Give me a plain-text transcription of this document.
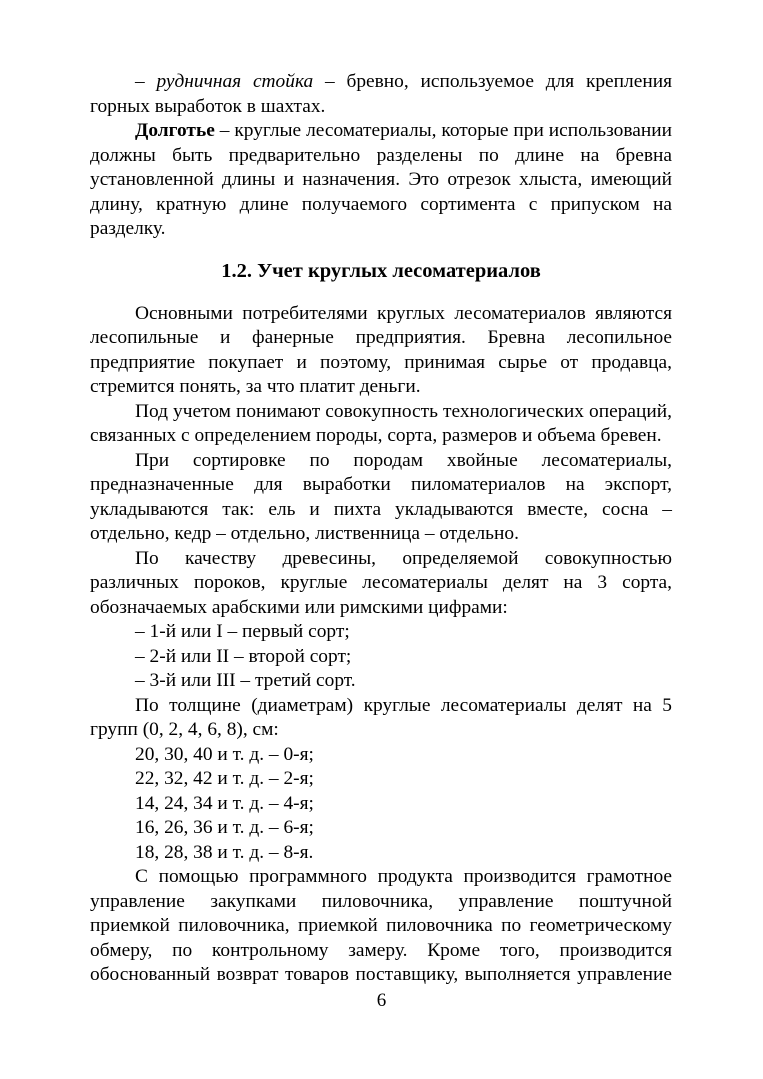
– рудничная стойка – бревно, используемое для крепления горных выработок в шахтах.

Долготье – круглые лесоматериалы, которые при использовании должны быть предварительно разделены по длине на бревна установленной длины и назначения. Это отрезок хлыста, имеющий длину, кратную длине получаемого сортимента с припуском на разделку.

1.2. Учет круглых лесоматериалов

Основными потребителями круглых лесоматериалов являются лесопильные и фанерные предприятия. Бревна лесопильное предприятие покупает и поэтому, принимая сырье от продавца, стремится понять, за что платит деньги.

Под учетом понимают совокупность технологических операций, связанных с определением породы, сорта, размеров и объема бревен.

При сортировке по породам хвойные лесоматериалы, предназначенные для выработки пиломатериалов на экспорт, укладываются так: ель и пихта укладываются вместе, сосна – отдельно, кедр – отдельно, лиственница – отдельно.

По качеству древесины, определяемой совокупностью различных пороков, круглые лесоматериалы делят на 3 сорта, обозначаемых арабскими или римскими цифрами:

– 1-й или I – первый сорт;

– 2-й или II – второй сорт;

– 3-й или III – третий сорт.

По толщине (диаметрам) круглые лесоматериалы делят на 5 групп (0, 2, 4, 6, 8), см:

20, 30, 40 и т. д. – 0-я;

22, 32, 42 и т. д. – 2-я;

14, 24, 34 и т. д. – 4-я;

16, 26, 36 и т. д. – 6-я;

18, 28, 38 и т. д. – 8-я.

С помощью программного продукта производится грамотное управление закупками пиловочника, управление поштучной приемкой пиловочника, приемкой пиловочника по геометрическому обмеру, по контрольному замеру. Кроме того, производится обоснованный возврат товаров поставщику, выполняется управление

6
